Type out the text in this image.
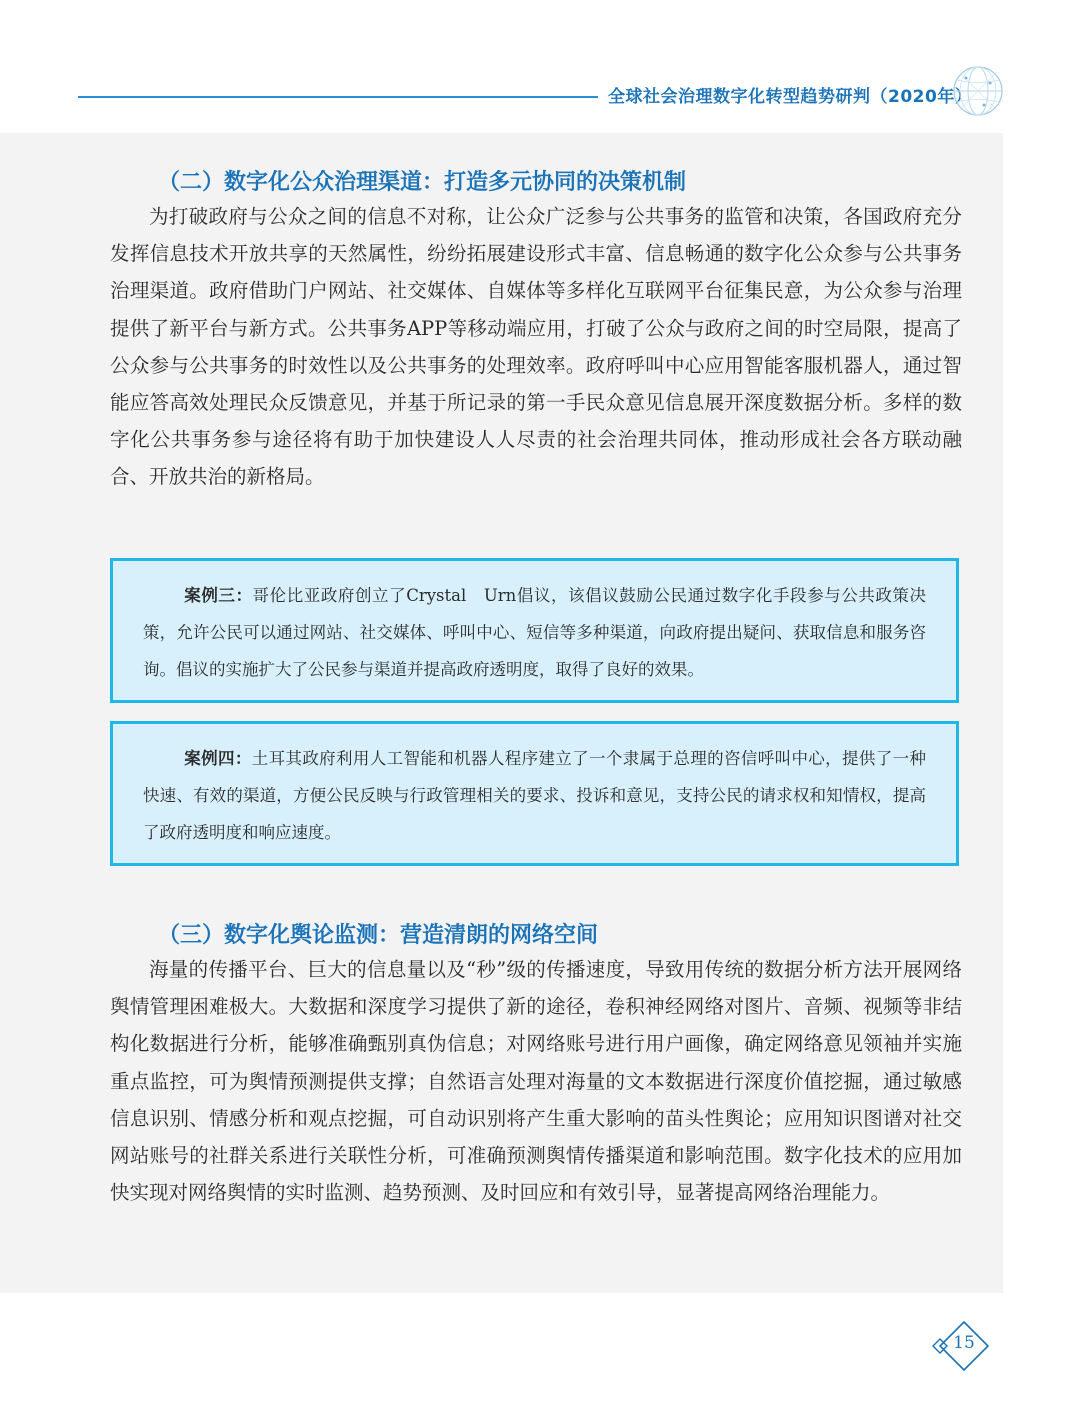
全球社会治理数字化转型趋势研判（2020年）
（二）数字化公众治理渠道：打造多元协同的决策机制

为打破政府与公众之间的信息不对称，让公众广泛参与公共事务的监管和决策，各国政府充分发挥信息技术开放共享的天然属性，纷纷拓展建设形式丰富、信息畅通的数字化公众参与公共事务治理渠道。政府借助门户网站、社交媒体、自媒体等多样化互联网平台征集民意，为公众参与治理提供了新平台与新方式。公共事务APP等移动端应用，打破了公众与政府之间的时空局限，提高了公众参与公共事务的时效性以及公共事务的处理效率。政府呼叫中心应用智能客服机器人，通过智能应答高效处理民众反馈意见，并基于所记录的第一手民众意见信息展开深度数据分析。多样的数字化公共事务参与途径将有助于加快建设人人尽责的社会治理共同体，推动形成社会各方联动融合、开放共治的新格局。

案例三：哥伦比亚政府创立了Crystal　Urn倡议，该倡议鼓励公民通过数字化手段参与公共政策决策，允许公民可以通过网站、社交媒体、呼叫中心、短信等多种渠道，向政府提出疑问、获取信息和服务咨询。倡议的实施扩大了公民参与渠道并提高政府透明度，取得了良好的效果。

案例四：土耳其政府利用人工智能和机器人程序建立了一个隶属于总理的咨信呼叫中心，提供了一种快速、有效的渠道，方便公民反映与行政管理相关的要求、投诉和意见，支持公民的请求权和知情权，提高了政府透明度和响应速度。

（三）数字化舆论监测：营造清朗的网络空间

海量的传播平台、巨大的信息量以及“秒”级的传播速度，导致用传统的数据分析方法开展网络舆情管理困难极大。大数据和深度学习提供了新的途径，卷积神经网络对图片、音频、视频等非结构化数据进行分析，能够准确甄别真伪信息；对网络账号进行用户画像，确定网络意见领袖并实施重点监控，可为舆情预测提供支撑；自然语言处理对海量的文本数据进行深度价值挖掘，通过敏感信息识别、情感分析和观点挖掘，可自动识别将产生重大影响的苗头性舆论；应用知识图谱对社交网站账号的社群关系进行关联性分析，可准确预测舆情传播渠道和影响范围。数字化技术的应用加快实现对网络舆情的实时监测、趋势预测、及时回应和有效引导，显著提高网络治理能力。

15
